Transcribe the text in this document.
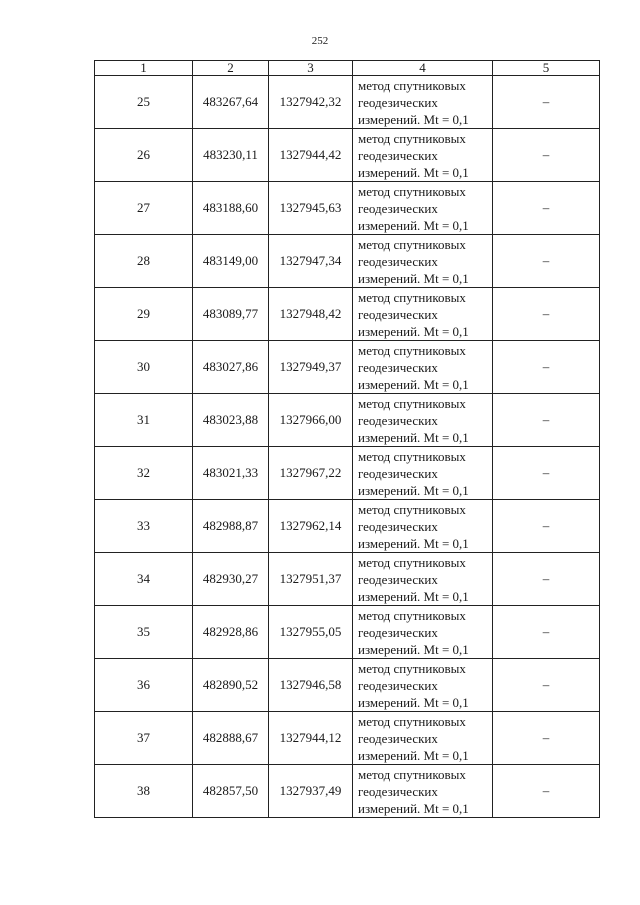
252
1	2	3	4	5
25	483267,64	1327942,32	метод спутниковых
геодезических
измерений. Mt = 0,1	–
26	483230,11	1327944,42	метод спутниковых
геодезических
измерений. Mt = 0,1	–
27	483188,60	1327945,63	метод спутниковых
геодезических
измерений. Mt = 0,1	–
28	483149,00	1327947,34	метод спутниковых
геодезических
измерений. Mt = 0,1	–
29	483089,77	1327948,42	метод спутниковых
геодезических
измерений. Mt = 0,1	–
30	483027,86	1327949,37	метод спутниковых
геодезических
измерений. Mt = 0,1	–
31	483023,88	1327966,00	метод спутниковых
геодезических
измерений. Mt = 0,1	–
32	483021,33	1327967,22	метод спутниковых
геодезических
измерений. Mt = 0,1	–
33	482988,87	1327962,14	метод спутниковых
геодезических
измерений. Mt = 0,1	–
34	482930,27	1327951,37	метод спутниковых
геодезических
измерений. Mt = 0,1	–
35	482928,86	1327955,05	метод спутниковых
геодезических
измерений. Mt = 0,1	–
36	482890,52	1327946,58	метод спутниковых
геодезических
измерений. Mt = 0,1	–
37	482888,67	1327944,12	метод спутниковых
геодезических
измерений. Mt = 0,1	–
38	482857,50	1327937,49	метод спутниковых
геодезических
измерений. Mt = 0,1	–
